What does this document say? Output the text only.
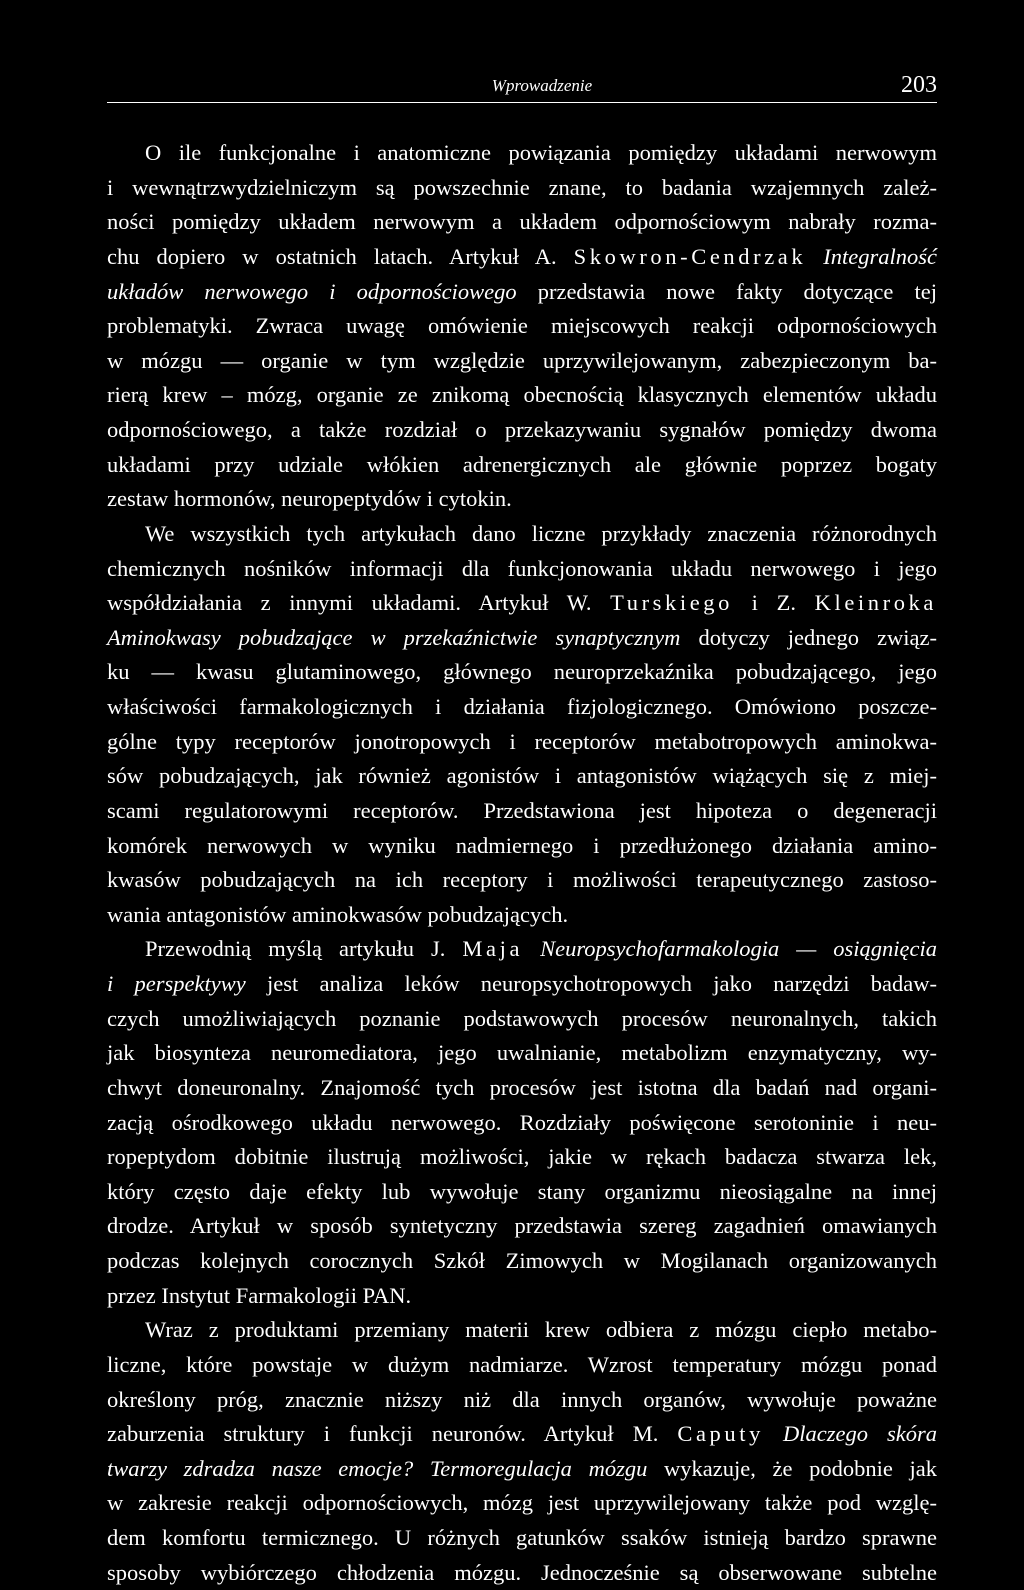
Wprowadzenie	203
O ile funkcjonalne i anatomiczne powiązania pomiędzy układami nerwowym
i wewnątrzwydzielniczym są powszechnie znane, to badania wzajemnych zależ-
ności pomiędzy układem nerwowym a układem odpornościowym nabrały rozma-
chu dopiero w ostatnich latach. Artykuł A. Skowron-Cendrzak Integralność
układów nerwowego i odpornościowego przedstawia nowe fakty dotyczące tej
problematyki. Zwraca uwagę omówienie miejscowych reakcji odpornościowych
w mózgu — organie w tym względzie uprzywilejowanym, zabezpieczonym ba-
rierą krew – mózg, organie ze znikomą obecnością klasycznych elementów układu
odpornościowego, a także rozdział o przekazywaniu sygnałów pomiędzy dwoma
układami przy udziale włókien adrenergicznych ale głównie poprzez bogaty
zestaw hormonów, neuropeptydów i cytokin.
We wszystkich tych artykułach dano liczne przykłady znaczenia różnorodnych
chemicznych nośników informacji dla funkcjonowania układu nerwowego i jego
współdziałania z innymi układami. Artykuł W. Turskiego i Z. Kleinroka
Aminokwasy pobudzające w przekaźnictwie synaptycznym dotyczy jednego związ-
ku — kwasu glutaminowego, głównego neuroprzekaźnika pobudzającego, jego
właściwości farmakologicznych i działania fizjologicznego. Omówiono poszcze-
gólne typy receptorów jonotropowych i receptorów metabotropowych aminokwa-
sów pobudzających, jak również agonistów i antagonistów wiążących się z miej-
scami regulatorowymi receptorów. Przedstawiona jest hipoteza o degeneracji
komórek nerwowych w wyniku nadmiernego i przedłużonego działania amino-
kwasów pobudzających na ich receptory i możliwości terapeutycznego zastoso-
wania antagonistów aminokwasów pobudzających.
Przewodnią myślą artykułu J. Maja Neuropsychofarmakologia — osiągnięcia
i perspektywy jest analiza leków neuropsychotropowych jako narzędzi badaw-
czych umożliwiających poznanie podstawowych procesów neuronalnych, takich
jak biosynteza neuromediatora, jego uwalnianie, metabolizm enzymatyczny, wy-
chwyt doneuronalny. Znajomość tych procesów jest istotna dla badań nad organi-
zacją ośrodkowego układu nerwowego. Rozdziały poświęcone serotoninie i neu-
ropeptydom dobitnie ilustrują możliwości, jakie w rękach badacza stwarza lek,
który często daje efekty lub wywołuje stany organizmu nieosiągalne na innej
drodze. Artykuł w sposób syntetyczny przedstawia szereg zagadnień omawianych
podczas kolejnych corocznych Szkół Zimowych w Mogilanach organizowanych
przez Instytut Farmakologii PAN.
Wraz z produktami przemiany materii krew odbiera z mózgu ciepło metabo-
liczne, które powstaje w dużym nadmiarze. Wzrost temperatury mózgu ponad
określony próg, znacznie niższy niż dla innych organów, wywołuje poważne
zaburzenia struktury i funkcji neuronów. Artykuł M. Caputy Dlaczego skóra
twarzy zdradza nasze emocje? Termoregulacja mózgu wykazuje, że podobnie jak
w zakresie reakcji odpornościowych, mózg jest uprzywilejowany także pod wzglę-
dem komfortu termicznego. U różnych gatunków ssaków istnieją bardzo sprawne
sposoby wybiórczego chłodzenia mózgu. Jednocześnie są obserwowane subtelne
